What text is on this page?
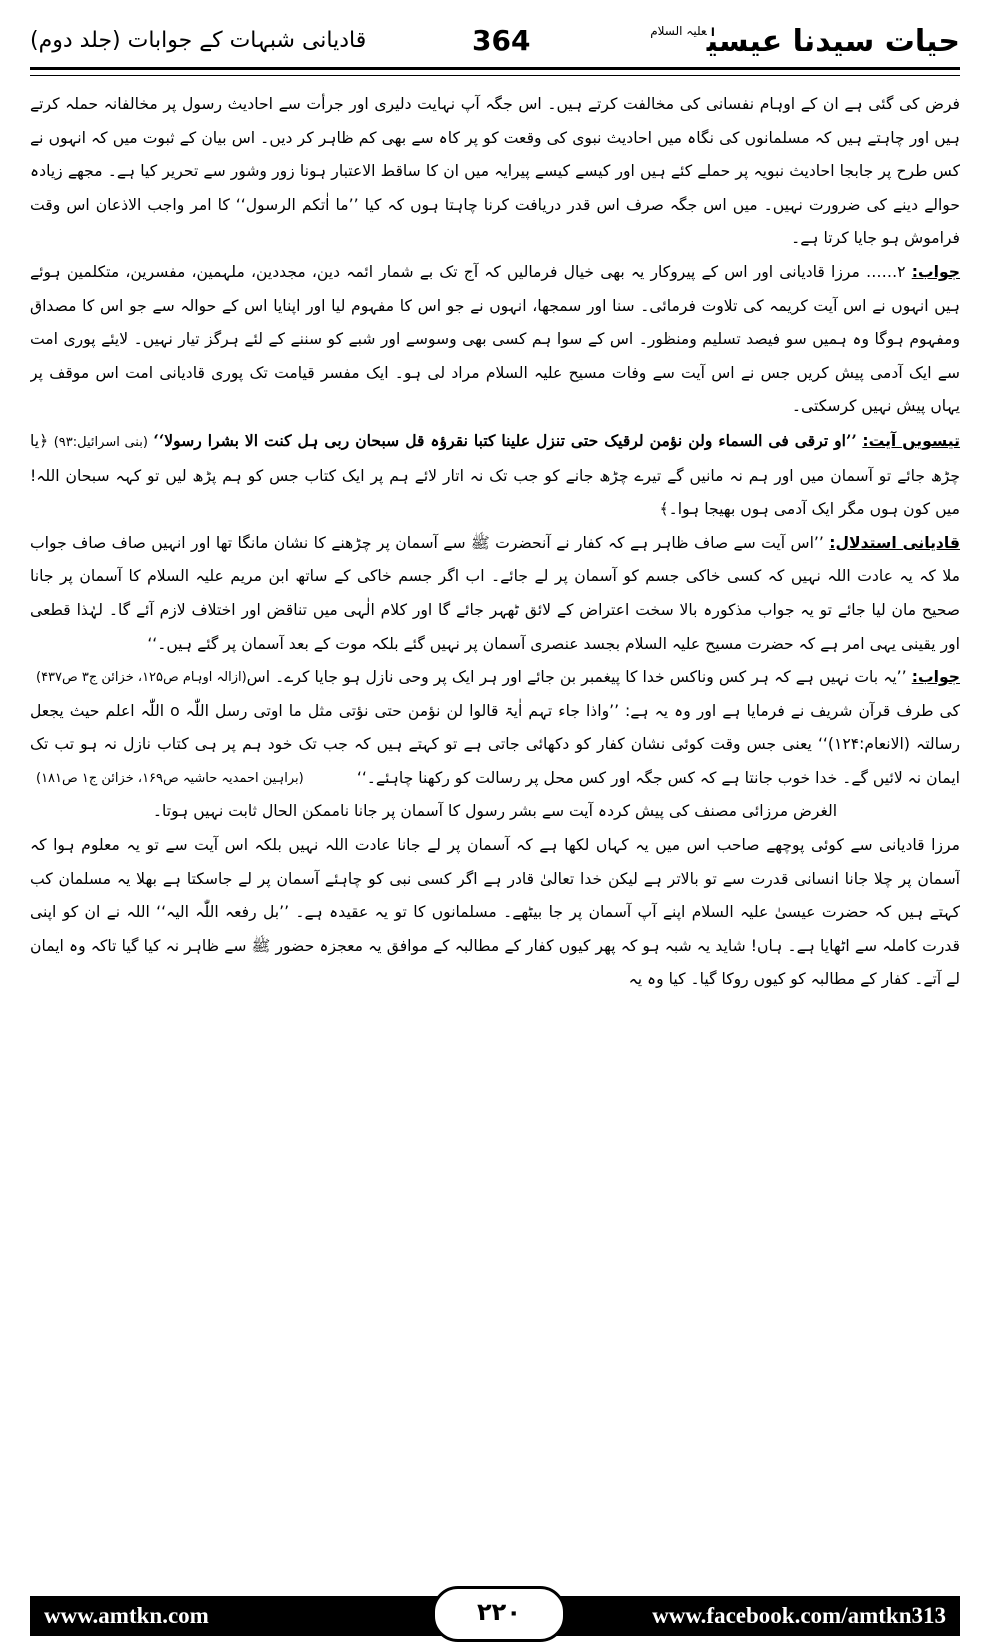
حیات سیدنا عیسیٰ$^{علیہ السلام}$
364
قادیانی شبہات کے جوابات (جلد دوم)

فرض کی گئی ہے ان کے اوہام نفسانی کی مخالفت کرتے ہیں۔ اس جگہ آپ نہایت دلیری اور جرأت سے احادیث رسول پر مخالفانہ حملہ کرتے ہیں اور چاہتے ہیں کہ مسلمانوں کی نگاہ میں احادیث نبوی کی وقعت کو پر کاہ سے بھی کم ظاہر کر دیں۔ اس بیان کے ثبوت میں کہ انہوں نے کس طرح پر جابجا احادیث نبویہ پر حملے کئے ہیں اور کیسے کیسے پیرایہ میں ان کا ساقط الاعتبار ہونا زور وشور سے تحریر کیا ہے۔ مجھے زیادہ حوالے دینے کی ضرورت نہیں۔ میں اس جگہ صرف اس قدر دریافت کرنا چاہتا ہوں کہ کیا ’’ما اٰتکم الرسول‘‘ کا امر واجب الاذعان اس وقت فراموش ہو جایا کرتا ہے۔

جواب: ۲…… مرزا قادیانی اور اس کے پیروکار یہ بھی خیال فرمالیں کہ آج تک بے شمار ائمہ دین، مجددین، ملہمین، مفسرین، متکلمین ہوئے ہیں انہوں نے اس آیت کریمہ کی تلاوت فرمائی۔ سنا اور سمجھا، انہوں نے جو اس کا مفہوم لیا اور اپنایا اس کے حوالہ سے جو اس کا مصداق ومفہوم ہوگا وہ ہمیں سو فیصد تسلیم ومنظور۔ اس کے سوا ہم کسی بھی وسوسے اور شبے کو سننے کے لئے ہرگز تیار نہیں۔ لایئے پوری امت سے ایک آدمی پیش کریں جس نے اس آیت سے وفات مسیح علیہ السلام مراد لی ہو۔ ایک مفسر قیامت تک پوری قادیانی امت اس موقف پر یہاں پیش نہیں کرسکتی۔

تیسویں آیت: ’’او ترقی فی السماء ولن نؤمن لرقیک حتی تنزل علینا کتبا نقرؤہ قل سبحان ربی ہل کنت الا بشرا رسولا‘‘ (بنی اسرائیل:۹۳) ﴿یا چڑھ جائے تو آسمان میں اور ہم نہ مانیں گے تیرے چڑھ جانے کو جب تک نہ اتار لائے ہم پر ایک کتاب جس کو ہم پڑھ لیں تو کہہ سبحان اللہ! میں کون ہوں مگر ایک آدمی ہوں بھیجا ہوا۔﴾

قادیانی استدلال: ’’اس آیت سے صاف ظاہر ہے کہ کفار نے آنحضرت ﷺ سے آسمان پر چڑھنے کا نشان مانگا تھا اور انہیں صاف صاف جواب ملا کہ یہ عادت اللہ نہیں کہ کسی خاکی جسم کو آسمان پر لے جائے۔ اب اگر جسم خاکی کے ساتھ ابن مریم علیہ السلام کا آسمان پر جانا صحیح مان لیا جائے تو یہ جواب مذکورہ بالا سخت اعتراض کے لائق ٹھہر جائے گا اور کلام الٰہی میں تناقض اور اختلاف لازم آئے گا۔ لہٰذا قطعی اور یقینی یہی امر ہے کہ حضرت مسیح علیہ السلام بجسد عنصری آسمان پر نہیں گئے بلکہ موت کے بعد آسمان پر گئے ہیں۔‘‘
(ازالہ اوہام ص۱۲۵، خزائن ج۳ ص۴۳۷)	جواب: ’’یہ بات نہیں ہے کہ ہر کس وناکس خدا کا پیغمبر بن جائے اور ہر ایک پر وحی نازل ہو جایا کرے۔ اس کی طرف قرآن شریف نے فرمایا ہے اور وہ یہ ہے: ’’واذا جاء تہم اٰیۃ قالوا لن نؤمن حتی نؤتی مثل ما اوتی رسل اللّٰہ o اللّٰہ اعلم حیث یجعل رسالتہ (الانعام:۱۲۴)‘‘ یعنی جس وقت کوئی نشان کفار کو دکھائی جاتی ہے تو کہتے ہیں کہ جب تک خود ہم پر ہی کتاب نازل نہ ہو تب تک ایمان نہ لائیں گے۔ خدا خوب جانتا ہے کہ کس جگہ اور کس محل پر رسالت کو رکھنا چاہئے۔‘‘
(براہین احمدیہ حاشیہ ص۱۶۹، خزائن ج۱ ص۱۸۱)

الغرض مرزائی مصنف کی پیش کردہ آیت سے بشر رسول کا آسمان پر جانا ناممکن الحال ثابت نہیں ہوتا۔

مرزا قادیانی سے کوئی پوچھے صاحب اس میں یہ کہاں لکھا ہے کہ آسمان پر لے جانا عادت اللہ نہیں بلکہ اس آیت سے تو یہ معلوم ہوا کہ آسمان پر چلا جانا انسانی قدرت سے تو بالاتر ہے لیکن خدا تعالیٰ قادر ہے اگر کسی نبی کو چاہئے آسمان پر لے جاسکتا ہے بھلا یہ مسلمان کب کہتے ہیں کہ حضرت عیسیٰ علیہ السلام اپنے آپ آسمان پر جا بیٹھے۔ مسلمانوں کا تو یہ عقیدہ ہے۔ ’’بل رفعہ اللّٰہ الیہ‘‘ اللہ نے ان کو اپنی قدرت کاملہ سے اٹھایا ہے۔ ہاں! شاید یہ شبہ ہو کہ پھر کیوں کفار کے مطالبہ کے موافق یہ معجزہ حضور ﷺ سے ظاہر نہ کیا گیا تاکہ وہ ایمان لے آتے۔ کفار کے مطالبہ کو کیوں روکا گیا۔ کیا وہ یہ

www.amtkn.com	۲۲۰	www.facebook.com/amtkn313
